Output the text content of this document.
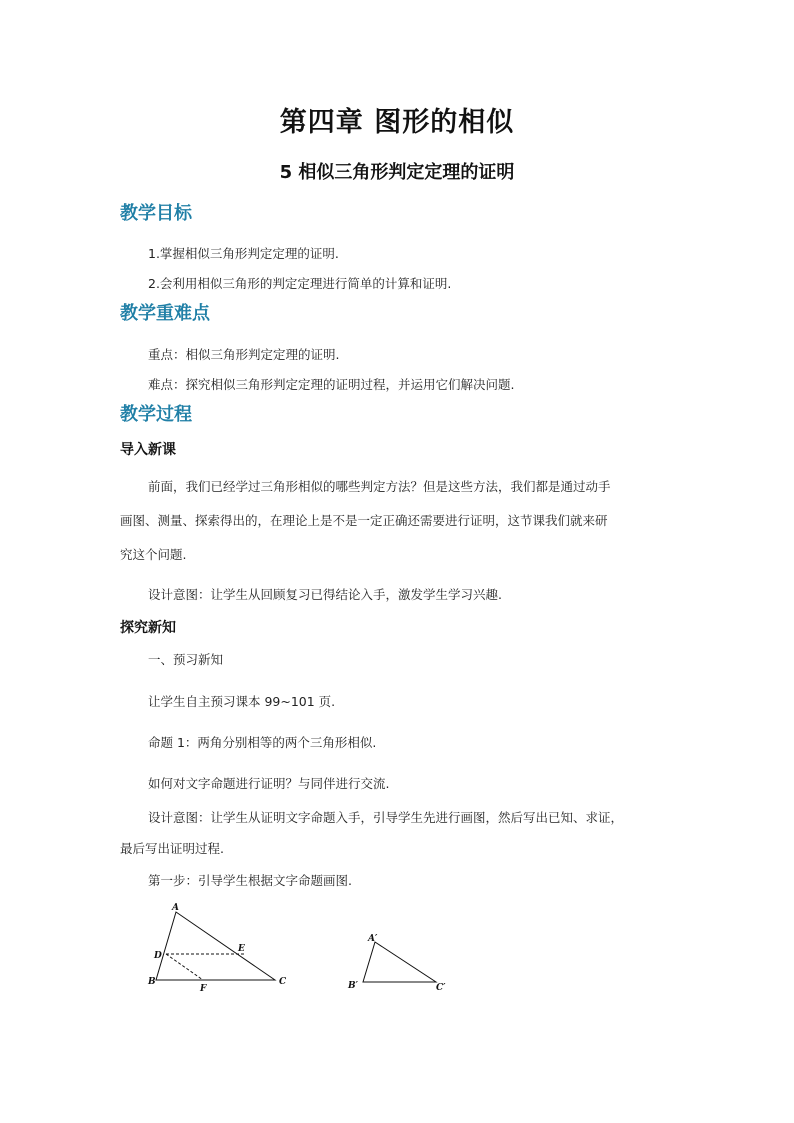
第四章 图形的相似
5 相似三角形判定定理的证明
教学目标

1.掌握相似三角形判定定理的证明.

2.会利用相似三角形的判定定理进行简单的计算和证明.

教学重难点

重点：相似三角形判定定理的证明.

难点：探究相似三角形判定定理的证明过程，并运用它们解决问题.

教学过程
导入新课

前面，我们已经学过三角形相似的哪些判定方法？但是这些方法，我们都是通过动手

画图、测量、探索得出的，在理论上是不是一定正确还需要进行证明，这节课我们就来研

究这个问题.

设计意图：让学生从回顾复习已得结论入手，激发学生学习兴趣.

探究新知

一、预习新知

让学生自主预习课本 99~101 页.

命题 1：两角分别相等的两个三角形相似.

如何对文字命题进行证明？与同伴进行交流.

设计意图：让学生从证明文字命题入手，引导学生先进行画图，然后写出已知、求证，

最后写出证明过程.

第一步：引导学生根据文字命题画图.

A
B	C
D
E
F
A′
B′	C′
